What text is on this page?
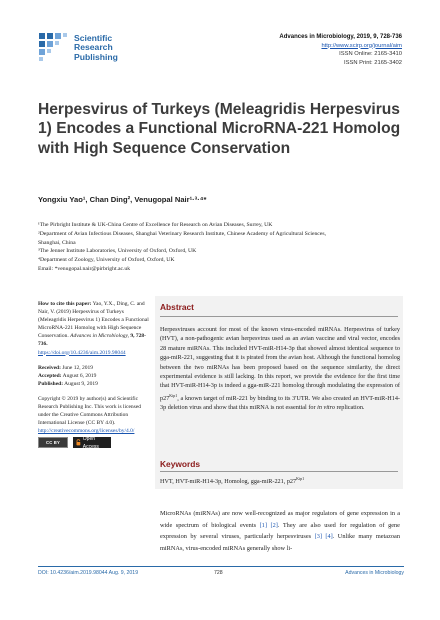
Scientific
Research
Publishing
Advances in Microbiology, 2019, 9, 728-736
http://www.scirp.org/journal/aim
ISSN Online: 2165-3410
ISSN Print: 2165-3402
Herpesvirus of Turkeys (Meleagridis Herpesvirus 1) Encodes a Functional MicroRNA-221 Homolog with High Sequence Conservation
Yongxiu Yao¹, Chan Ding², Venugopal Nair¹·³·⁴*
¹The Pirbright Institute & UK-China Centre of Excellence for Research on Avian Diseases, Surrey, UK
²Department of Avian Infectious Diseases, Shanghai Veterinary Research Institute, Chinese Academy of Agricultural Sciences,
Shanghai, China
³The Jenner Institute Laboratories, University of Oxford, Oxford, UK
⁴Department of Zoology, University of Oxford, Oxford, UK
Email: *venugopal.nair@pirbright.ac.uk
How to cite this paper: Yao, Y.X., Ding, C. and Nair, V. (2019) Herpesvirus of Turkeys (Meleagridis Herpesvirus 1) Encodes a Functional MicroRNA-221 Homolog with High Sequence Conservation. Advances in Microbiology, 9, 728-736.
https://doi.org/10.4236/aim.2019.98044
Received: June 12, 2019
Accepted: August 6, 2019
Published: August 9, 2019
Copyright © 2019 by author(s) and Scientific Research Publishing Inc. This work is licensed under the Creative Commons Attribution International License (CC BY 4.0).
http://creativecommons.org/licenses/by/4.0/
CC BY
Open Access
Abstract

Herpesviruses account for most of the known virus-encoded miRNAs. Herpesvirus of turkey (HVT), a non-pathogenic avian herpesvirus used as an avian vaccine and viral vector, encodes 28 mature miRNAs. This included HVT-miR-H14-3p that showed almost identical sequence to gga-miR-221, suggesting that it is pirated from the avian host. Although the functional homolog between the two miRNAs has been proposed based on the sequence similarity, the direct experimental evidence is still lacking. In this report, we provide the evidence for the first time that HVT-miR-H14-3p is indeed a gga-miR-221 homolog through modulating the expression of $p27^{Kip1}$, a known target of miR-221 by binding to its 3'UTR. We also created an HVT-miR-H14-3p deletion virus and show that this miRNA is not essential for in vitro replication.

Keywords
HVT, HVT-miR-H14-3p, Homolog, gga-miR-221, $p27^{Kip1}$

MicroRNAs (miRNAs) are now well-recognized as major regulators of gene expression in a wide spectrum of biological events [1] [2]. They are also used for regulation of gene expression by several viruses, particularly herpesviruses [3] [4]. Unlike many metazoan miRNAs, virus-encoded miRNAs generally show li-

DOI: 10.4236/aim.2019.98044 Aug. 9, 2019	728	Advances in Microbiology
